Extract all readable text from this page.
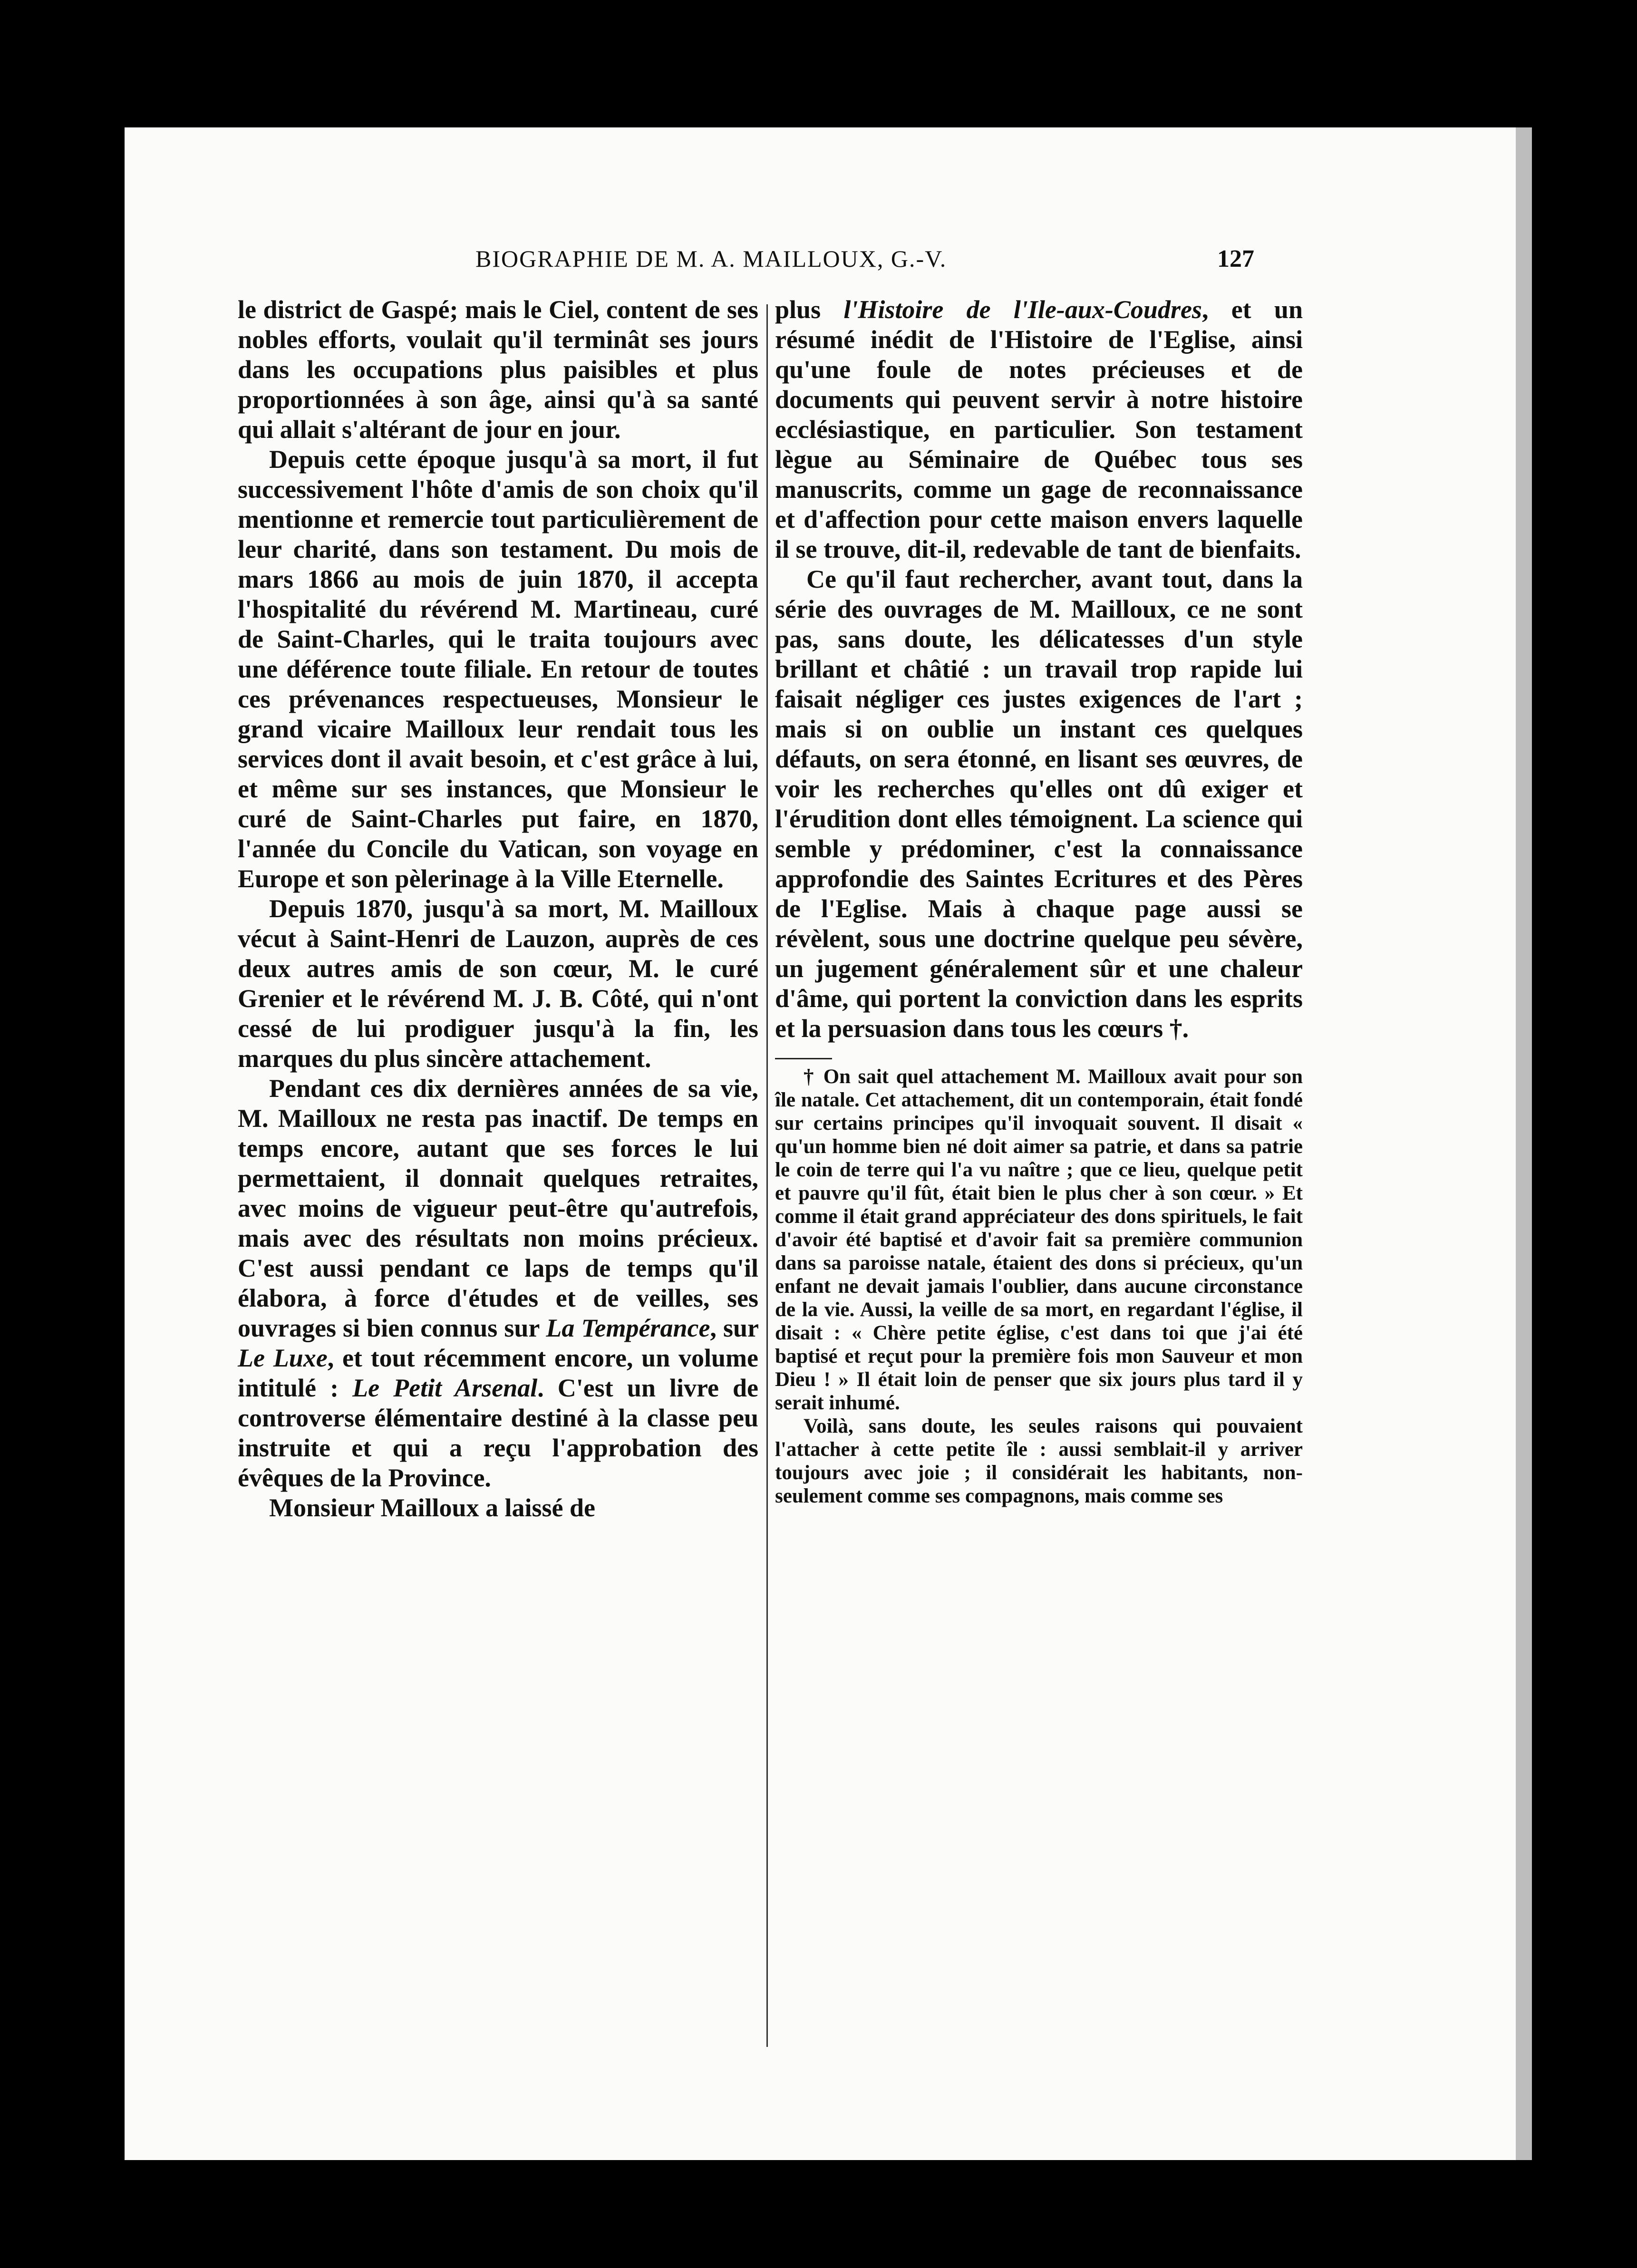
BIOGRAPHIE DE M. A. MAILLOUX, G.-V.	127

le district de Gaspé; mais le Ciel, content de ses nobles efforts, voulait qu'il terminât ses jours dans les occupations plus paisibles et plus proportionnées à son âge, ainsi qu'à sa santé qui allait s'altérant de jour en jour.

Depuis cette époque jusqu'à sa mort, il fut successivement l'hôte d'amis de son choix qu'il mentionne et remercie tout particulièrement de leur charité, dans son testament. Du mois de mars 1866 au mois de juin 1870, il accepta l'hospitalité du révérend M. Martineau, curé de Saint-Charles, qui le traita toujours avec une déférence toute filiale. En retour de toutes ces prévenances respectueuses, Monsieur le grand vicaire Mailloux leur rendait tous les services dont il avait besoin, et c'est grâce à lui, et même sur ses instances, que Monsieur le curé de Saint-Charles put faire, en 1870, l'année du Concile du Vatican, son voyage en Europe et son pèlerinage à la Ville Eternelle.

Depuis 1870, jusqu'à sa mort, M. Mailloux vécut à Saint-Henri de Lauzon, auprès de ces deux autres amis de son cœur, M. le curé Grenier et le révérend M. J. B. Côté, qui n'ont cessé de lui prodiguer jusqu'à la fin, les marques du plus sincère attachement.

Pendant ces dix dernières années de sa vie, M. Mailloux ne resta pas inactif. De temps en temps encore, autant que ses forces le lui permettaient, il donnait quelques retraites, avec moins de vigueur peut-être qu'autrefois, mais avec des résultats non moins précieux. C'est aussi pendant ce laps de temps qu'il élabora, à force d'études et de veilles, ses ouvrages si bien connus sur La Tempérance, sur Le Luxe, et tout récemment encore, un volume intitulé : Le Petit Arsenal. C'est un livre de controverse élémentaire destiné à la classe peu instruite et qui a reçu l'approbation des évêques de la Province.

Monsieur Mailloux a laissé de

plus l'Histoire de l'Ile-aux-Coudres, et un résumé inédit de l'Histoire de l'Eglise, ainsi qu'une foule de notes précieuses et de documents qui peuvent servir à notre histoire ecclésiastique, en particulier. Son testament lègue au Séminaire de Québec tous ses manuscrits, comme un gage de reconnaissance et d'affection pour cette maison envers laquelle il se trouve, dit-il, redevable de tant de bienfaits.

Ce qu'il faut rechercher, avant tout, dans la série des ouvrages de M. Mailloux, ce ne sont pas, sans doute, les délicatesses d'un style brillant et châtié : un travail trop rapide lui faisait négliger ces justes exigences de l'art ; mais si on oublie un instant ces quelques défauts, on sera étonné, en lisant ses œuvres, de voir les recherches qu'elles ont dû exiger et l'érudition dont elles témoignent. La science qui semble y prédominer, c'est la connaissance approfondie des Saintes Ecritures et des Pères de l'Eglise. Mais à chaque page aussi se révèlent, sous une doctrine quelque peu sévère, un jugement généralement sûr et une chaleur d'âme, qui portent la conviction dans les esprits et la persuasion dans tous les cœurs †.

† On sait quel attachement M. Mailloux avait pour son île natale. Cet attachement, dit un contemporain, était fondé sur certains principes qu'il invoquait souvent. Il disait « qu'un homme bien né doit aimer sa patrie, et dans sa patrie le coin de terre qui l'a vu naître ; que ce lieu, quelque petit et pauvre qu'il fût, était bien le plus cher à son cœur. » Et comme il était grand appréciateur des dons spirituels, le fait d'avoir été baptisé et d'avoir fait sa première communion dans sa paroisse natale, étaient des dons si précieux, qu'un enfant ne devait jamais l'oublier, dans aucune circonstance de la vie. Aussi, la veille de sa mort, en regardant l'église, il disait : « Chère petite église, c'est dans toi que j'ai été baptisé et reçut pour la première fois mon Sauveur et mon Dieu ! » Il était loin de penser que six jours plus tard il y serait inhumé.

Voilà, sans doute, les seules raisons qui pouvaient l'attacher à cette petite île : aussi semblait-il y arriver toujours avec joie ; il considérait les habitants, non-seulement comme ses compagnons, mais comme ses
